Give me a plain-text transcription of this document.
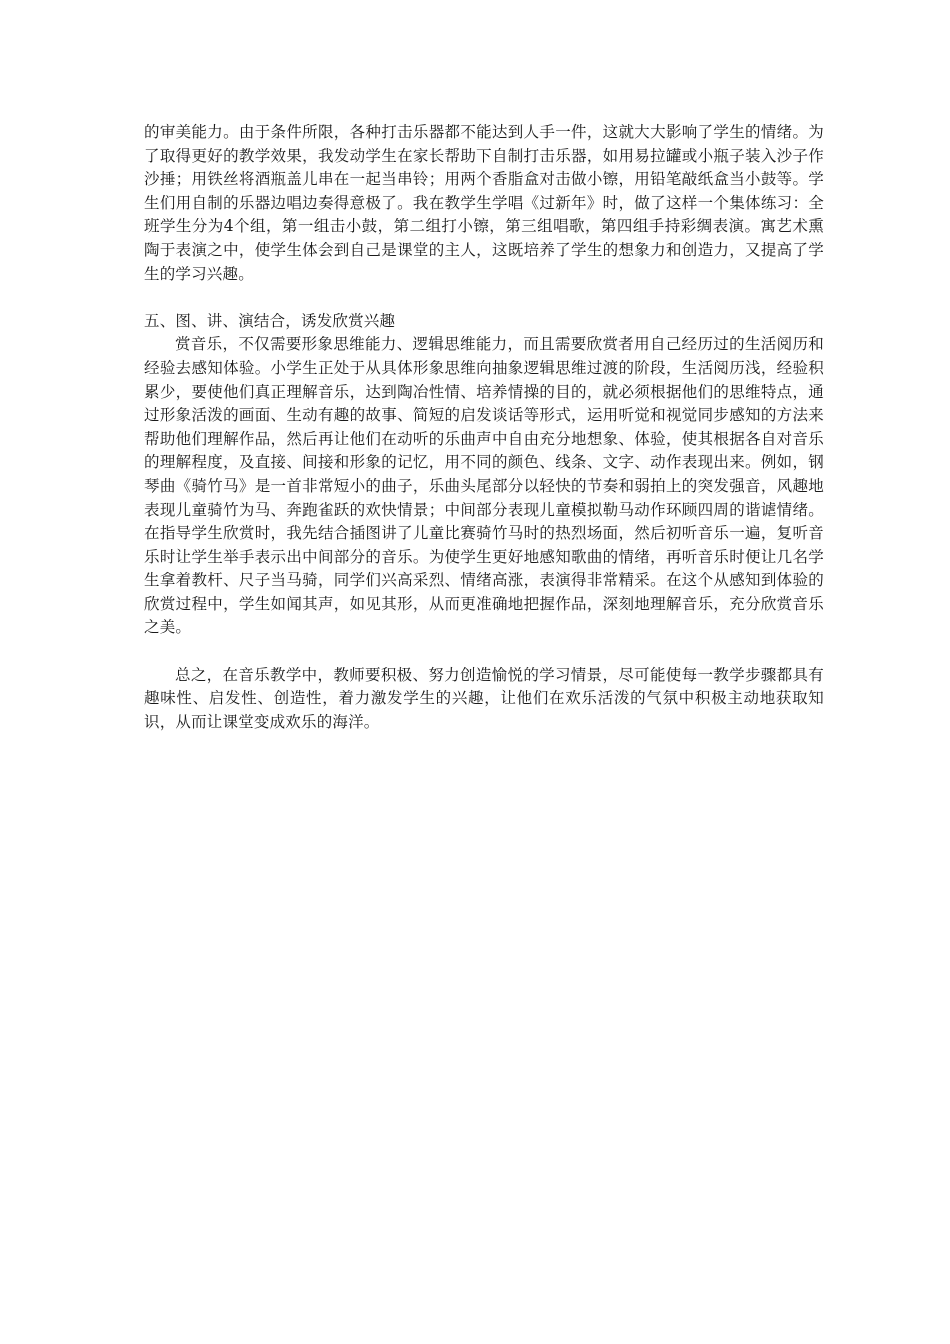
的审美能力。由于条件所限，各种打击乐器都不能达到人手一件，这就大大影响了学生的情绪。为了取得更好的教学效果，我发动学生在家长帮助下自制打击乐器，如用易拉罐或小瓶子装入沙子作沙捶；用铁丝将酒瓶盖儿串在一起当串铃；用两个香脂盒对击做小镲，用铅笔敲纸盒当小鼓等。学生们用自制的乐器边唱边奏得意极了。我在教学生学唱《过新年》时，做了这样一个集体练习：全班学生分为4个组，第一组击小鼓，第二组打小镲，第三组唱歌，第四组手持彩绸表演。寓艺术熏陶于表演之中，使学生体会到自己是课堂的主人，这既培养了学生的想象力和创造力，又提高了学生的学习兴趣。

五、图、讲、演结合，诱发欣赏兴趣

赏音乐，不仅需要形象思维能力、逻辑思维能力，而且需要欣赏者用自己经历过的生活阅历和经验去感知体验。小学生正处于从具体形象思维向抽象逻辑思维过渡的阶段，生活阅历浅，经验积累少，要使他们真正理解音乐，达到陶冶性情、培养情操的目的，就必须根据他们的思维特点，通过形象活泼的画面、生动有趣的故事、简短的启发谈话等形式，运用听觉和视觉同步感知的方法来帮助他们理解作品，然后再让他们在动听的乐曲声中自由充分地想象、体验，使其根据各自对音乐的理解程度，及直接、间接和形象的记忆，用不同的颜色、线条、文字、动作表现出来。例如，钢琴曲《骑竹马》是一首非常短小的曲子，乐曲头尾部分以轻快的节奏和弱拍上的突发强音，风趣地表现儿童骑竹为马、奔跑雀跃的欢快情景；中间部分表现儿童模拟勒马动作环顾四周的谐谑情绪。在指导学生欣赏时，我先结合插图讲了儿童比赛骑竹马时的热烈场面，然后初听音乐一遍，复听音乐时让学生举手表示出中间部分的音乐。为使学生更好地感知歌曲的情绪，再听音乐时便让几名学生拿着教杆、尺子当马骑，同学们兴高采烈、情绪高涨，表演得非常精采。在这个从感知到体验的欣赏过程中，学生如闻其声，如见其形，从而更准确地把握作品，深刻地理解音乐，充分欣赏音乐之美。

总之，在音乐教学中，教师要积极、努力创造愉悦的学习情景，尽可能使每一教学步骤都具有趣味性、启发性、创造性，着力激发学生的兴趣，让他们在欢乐活泼的气氛中积极主动地获取知识，从而让课堂变成欢乐的海洋。
